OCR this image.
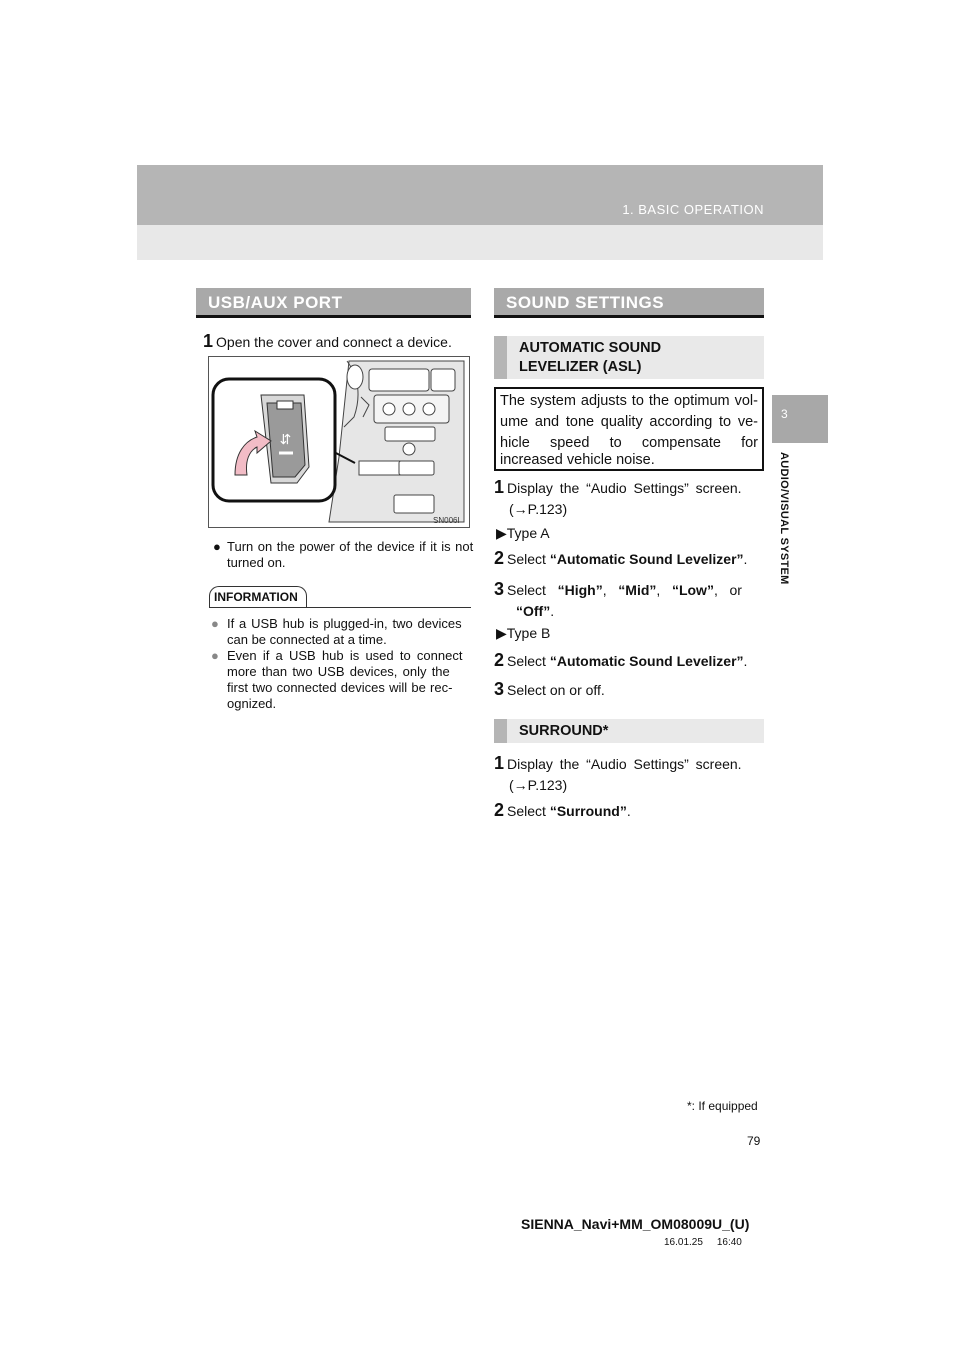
1. BASIC OPERATION
3
AUDIO/VISUAL SYSTEM
USB/AUX PORT
1 Open the cover and connect a device.
⇆
SN006I
● Turn on the power of the device if it is not
turned on.
INFORMATION
● If a USB hub is plugged-in, two devices
can be connected at a time.
● Even if a USB hub is used to connect
more than two USB devices, only the
first two connected devices will be rec-
ognized.
SOUND SETTINGS
AUTOMATIC SOUND
LEVELIZER (ASL)

The system adjusts to the optimum vol-

ume and tone quality according to ve-

hicle speed to compensate for

increased vehicle noise.

1 Display the “Audio Settings” screen.
(→P.123)
▶Type A
2 Select “Automatic Sound Levelizer”.
3 Select “High”,   “Mid”,   “Low”,   or
“Off”.
▶Type B
2 Select “Automatic Sound Levelizer”.
3 Select on or off.
SURROUND*
1 Display the “Audio Settings” screen.
(→P.123)
2 Select “Surround”.
*: If equipped
79
SIENNA_Navi+MM_OM08009U_(U)
16.01.25     16:40
